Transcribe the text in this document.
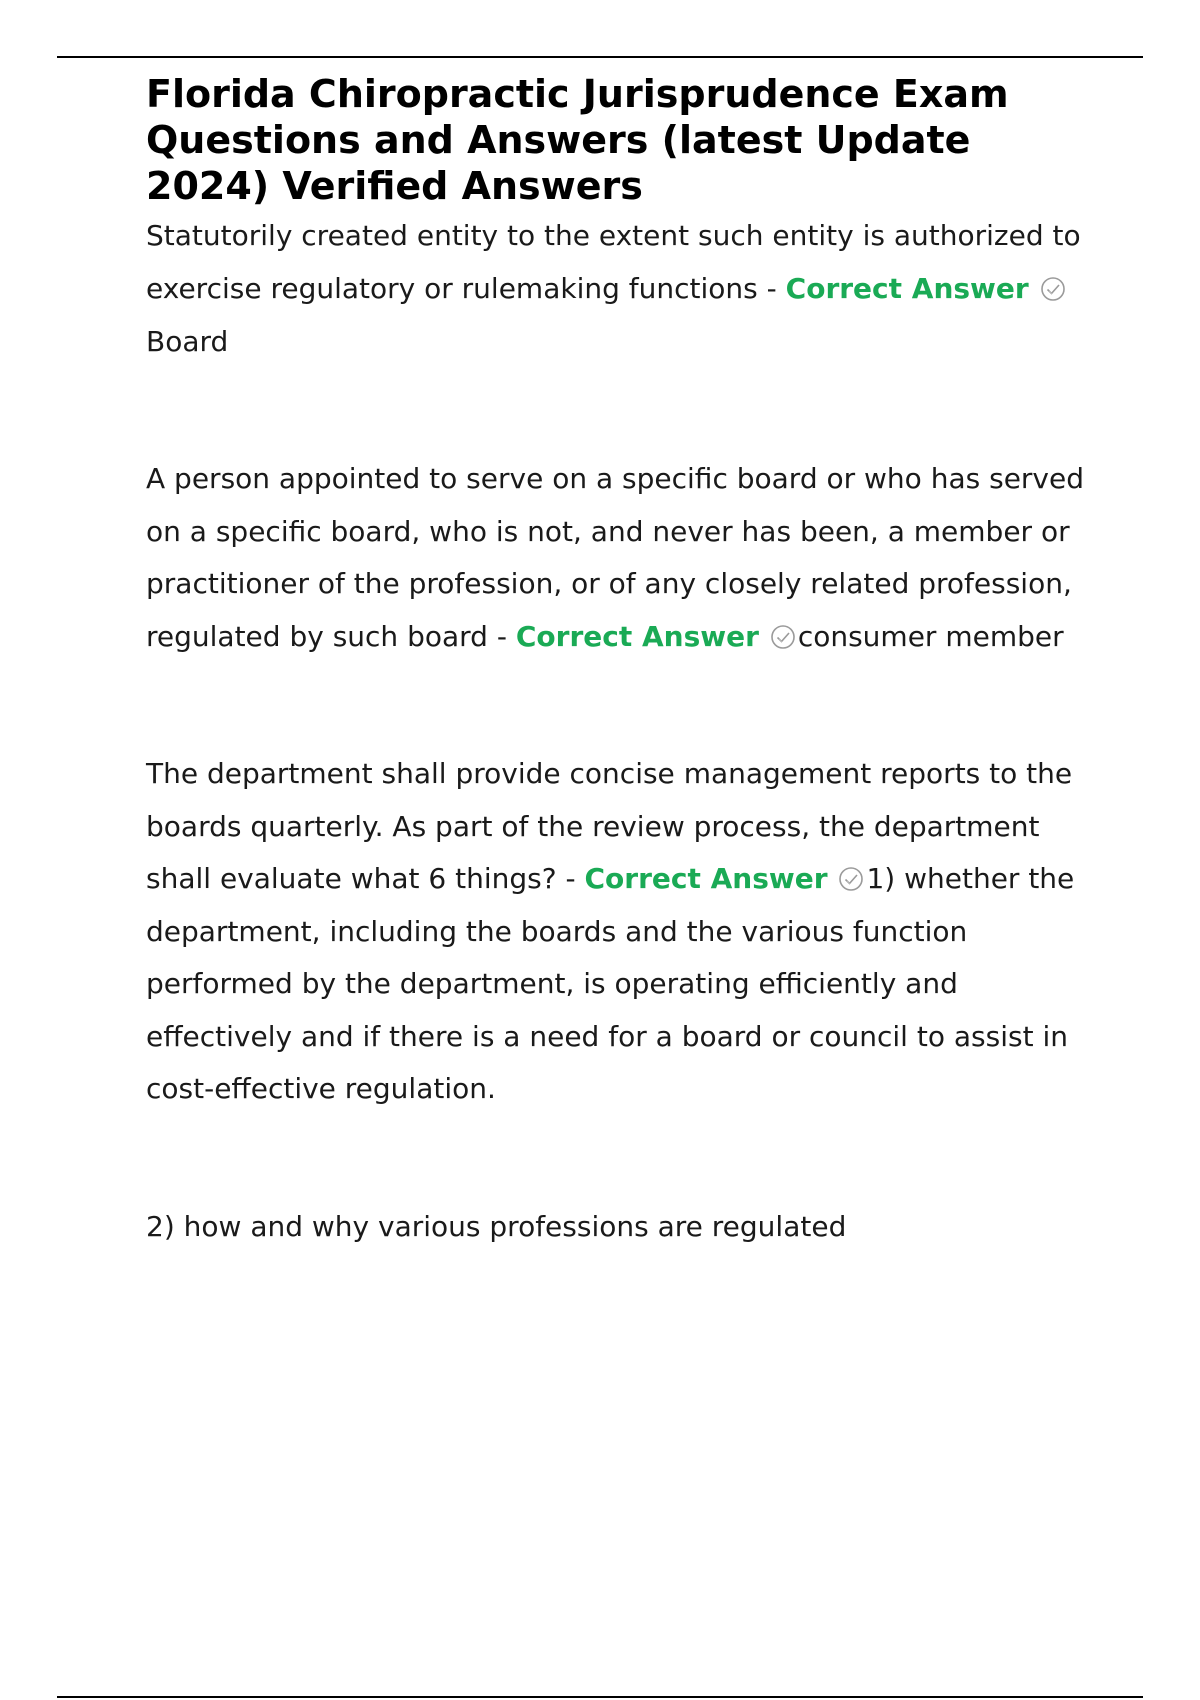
Florida Chiropractic Jurisprudence Exam Questions and Answers (latest Update 2024) Verified Answers

Statutorily created entity to the extent such entity is authorized to exercise regulatory or rulemaking functions - Correct Answer Board

A person appointed to serve on a specific board or who has served on a specific board, who is not, and never has been, a member or practitioner of the profession, or of any closely related profession, regulated by such board - Correct Answer consumer member

The department shall provide concise management reports to the boards quarterly. As part of the review process, the department shall evaluate what 6 things? - Correct Answer 1) whether the department, including the boards and the various function performed by the department, is operating efficiently and effectively and if there is a need for a board or council to assist in cost-effective regulation.

2) how and why various professions are regulated
